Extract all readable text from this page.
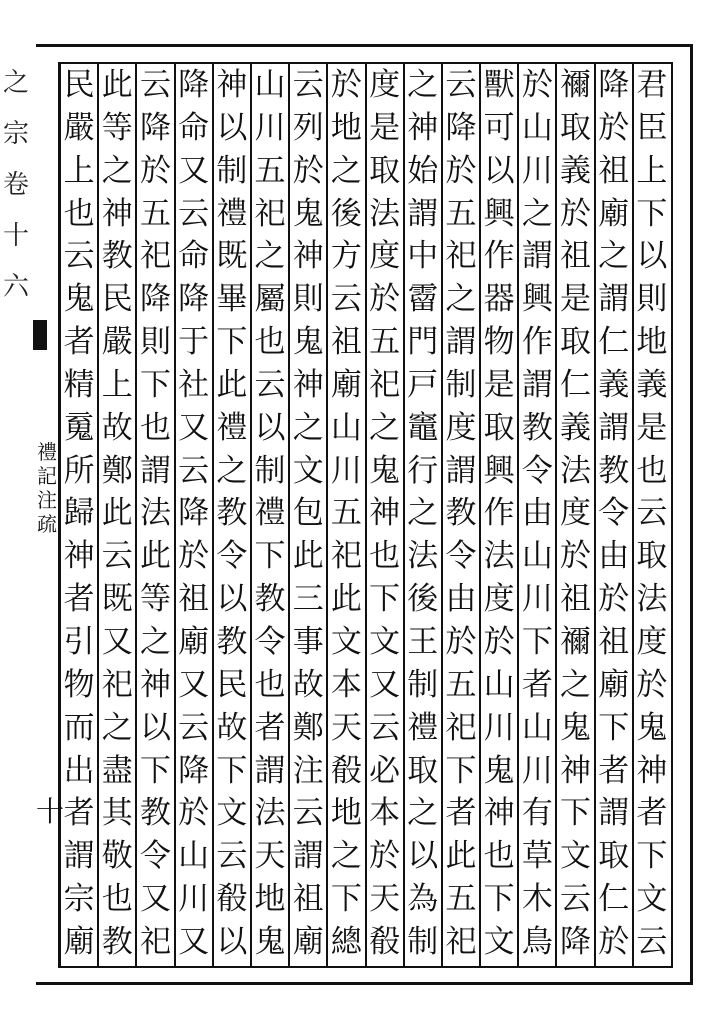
之
宗
卷
十
六
禮
記
注
疏
十
君
臣
上
下
以
則
地
義
是
也
云
取
法
度
於
鬼
神
者
下
文
云
降
於
祖
廟
之
謂
仁
義
謂
教
令
由
於
祖
廟
下
者
謂
取
仁
於
禰
取
義
於
祖
是
取
仁
義
法
度
於
祖
禰
之
鬼
神
下
文
云
降
於
山
川
之
謂
興
作
謂
教
令
由
山
川
下
者
山
川
有
草
木
鳥
獸
可
以
興
作
器
物
是
取
興
作
法
度
於
山
川
鬼
神
也
下
文
云
降
於
五
祀
之
謂
制
度
謂
教
令
由
於
五
祀
下
者
此
五
祀
之
神
始
謂
中
霤
門
戸
竈
行
之
法
後
王
制
禮
取
之
以
為
制
度
是
取
法
度
於
五
祀
之
鬼
神
也
下
文
又
云
必
本
於
天
殽
於
地
之
後
方
云
祖
廟
山
川
五
祀
此
文
本
天
殽
地
之
下
總
云
列
於
鬼
神
則
鬼
神
之
文
包
此
三
事
故
鄭
注
云
謂
祖
廟
山
川
五
祀
之
屬
也
云
以
制
禮
下
教
令
也
者
謂
法
天
地
鬼
神
以
制
禮
既
畢
下
此
禮
之
教
令
以
教
民
故
下
文
云
殽
以
降
命
又
云
命
降
于
社
又
云
降
於
祖
廟
又
云
降
於
山
川
又
云
降
於
五
祀
降
則
下
也
謂
法
此
等
之
神
以
下
教
令
又
祀
此
等
之
神
教
民
嚴
上
故
鄭
此
云
既
又
祀
之
盡
其
敬
也
教
民
嚴
上
也
云
鬼
者
精
䰟
所
歸
神
者
引
物
而
出
者
謂
宗
廟
